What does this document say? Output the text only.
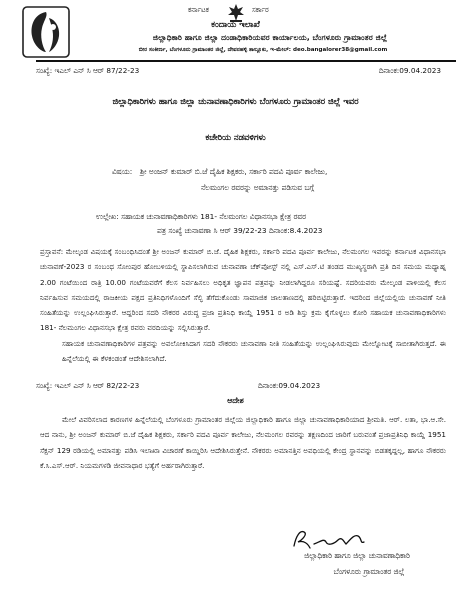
ಕರ್ನಾಟಕ	ಸರ್ಕಾರ
ಕಂದಾಯ ಇಲಾಖೆ
ಜಿಲ್ಲಾಧಿಕಾರಿ ಹಾಗೂ ಜಿಲ್ಲಾ ದಂಡಾಧಿಕಾರಿಯವರ ಕಾರ್ಯಾಲಯ, ಬೆಂಗಳೂರು ಗ್ರಾಮಾಂತರ ಜಿಲ್ಲೆ
ಬೀರ ಸಂಕೀರ್ಣ, ಬೆಂಗಳೂರು ಗ್ರಾಮಾಂತರ ಜಿಲ್ಲೆ, ದೇವನಹಳ್ಳಿ ತಾಲ್ಲೂಕು, ಇ-ಮೇಲ್: deo.bangalorer38@gmail.com
ಸಂಖ್ಯೆ: ಇಎಲ್ ಎನ್ ಸಿ ಆರ್ 87/22-23	ದಿನಾಂಕ:09.04.2023
ಜಿಲ್ಲಾಧಿಕಾರಿಗಳು ಹಾಗೂ ಜಿಲ್ಲಾ ಚುನಾವಣಾಧಿಕಾರಿಗಳು ಬೆಂಗಳೂರು ಗ್ರಾಮಾಂತರ ಜಿಲ್ಲೆ ಇವರ
ಕಚೇರಿಯ ನಡವಳಿಗಳು
ವಿಷಯ: ಶ್ರೀ ಅಂಜನ್ ಕುಮಾರ್ ಬಿ.ಜೆ ದೈಹಿಕ ಶಿಕ್ಷಕರು, ಸರ್ಕಾರಿ ಪದವಿ ಪೂರ್ವ ಕಾಲೇಜು,
ನೆಲಮಂಗಲ ರವರನ್ನು ಅಮಾನತ್ತು ಪಡಿಸುವ ಬಗ್ಗೆ
ಉಲ್ಲೇಖ: ಸಹಾಯಕ ಚುನಾವಣಾಧಿಕಾರಿಗಳು 181- ನೆಲಮಂಗಲ ವಿಧಾನಸಭಾ ಕ್ಷೇತ್ರ ರವರ
ಪತ್ರ ಸಂಖ್ಯೆ ಚುನಾವಣಾ ಸಿ ಆರ್ 39/22-23 ದಿನಾಂಕ:8.4.2023
ಪ್ರಸ್ತಾವನೆ: ಮೇಲ್ಕಂಡ ವಿಷಯಕ್ಕೆ ಸಂಬಂಧಿಸಿದಂತೆ ಶ್ರೀ ಅಂಜನ್ ಕುಮಾರ್ ಬಿ.ಜೆ. ದೈಹಿಕ ಶಿಕ್ಷಕರು, ಸರ್ಕಾರಿ ಪದವಿ ಪೂರ್ವ ಕಾಲೇಜು, ನೆಲಮಂಗಲ ಇವರನ್ನು ಕರ್ನಾಟಕ ವಿಧಾನಸಭಾ ಚುನಾವಣೆ-2023 ರ ಸಂಬಂಧ ಸೋಂಪುರ ಹೋಬಳಿಯಲ್ಲಿ ಸ್ಥಾಪಿಸಲಾಗಿರುವ ಚುನಾವಣಾ ಚೆಕ್‌ಪೋಸ್ಟ್ ನಲ್ಲಿ ಎಸ್.ಎಸ್.ಟಿ ತಂಡದ ಮುಖ್ಯಸ್ಥರಾಗಿ ಪ್ರತಿ ದಿನ ಸಮಯ ಮಧ್ಯಾಹ್ನ 2.00 ಗಂಟೆಯಿಂದ ರಾತ್ರಿ 10.00 ಗಂಟೆಯವರೆಗೆ ಕೆಲಸ ನಿರ್ವಹಿಸಲು ಅಧಿಕೃತ ಜ್ಞಾಪನ ಪತ್ರವನ್ನು ನೀಡಲಾಗಿದ್ದರೂ ಸರಿಯಷ್ಟೆ. ಸದರಿಯವರು ಮೇಲ್ಕಂಡ ಪಾಳಿಯಲ್ಲಿ ಕೆಲಸ ನಿರ್ವಹಿಸುವ ಸಮಯದಲ್ಲಿ ರಾಜಕೀಯ ಪಕ್ಷದ ಪ್ರತಿನಿಧಿಗಳೊಂದಿಗೆ ಸೆಲ್ಫಿ ತೆಗೆದುಕೊಂಡು ಸಾಮಾಜಿಕ ಜಾಲತಾಣದಲ್ಲಿ ಹರಿಬಿಟ್ಟಿರುತ್ತಾರೆ. ಇದರಿಂದ ಜಿಲ್ಲೆಯಲ್ಲಿಯ ಚುನಾವಣೆ ನೀತಿ ಸಂಹಿತೆಯನ್ನು ಉಲ್ಲಂಘಿಸಿರುತ್ತಾರೆ. ಆದ್ದರಿಂದ ಸದರಿ ನೌಕರರ ವಿರುದ್ಧ ಪ್ರಜಾ ಪ್ರತಿನಿಧಿ ಕಾಯ್ದೆ 1951 ರ ಅಡಿ ಶಿಸ್ತು ಕ್ರಮ ಕೈಗೊಳ್ಳಲು ಕೋರಿ ಸಹಾಯಕ ಚುನಾವಣಾಧಿಕಾರಿಗಳು 181- ನೆಲಮಂಗಲ ವಿಧಾನಸಭಾ ಕ್ಷೇತ್ರ ರವರು ವರದಿಯನ್ನು ಸಲ್ಲಿಸಿರುತ್ತಾರೆ.
ಸಹಾಯಕ ಚುನಾವಣಾಧಿಕಾರಿಗಳ ಪತ್ರವನ್ನು ಅವಲೋಕಿಸಿದಾಗ ಸದರಿ ನೌಕರರು ಚುನಾವಣಾ ನೀತಿ ಸಂಹಿತೆಯನ್ನು ಉಲ್ಲಂಘಿಸಿರುವುದು ಮೇಲ್ನೋಟಕ್ಕೆ ಸಾಬೀತಾಗಿರುತ್ತದೆ. ಈ ಹಿನ್ನೆಲೆಯಲ್ಲಿ ಈ ಕೆಳಕಂಡಂತೆ ಆದೇಶಿಸಲಾಗಿದೆ.
ಸಂಖ್ಯೆ: ಇಎಲ್ ಎನ್ ಸಿ ಆರ್ 82/22-23	ದಿನಾಂಕ:09.04.2023
ಆದೇಶ
ಮೇಲೆ ವಿವರಿಸಲಾದ ಕಾರಣಗಳ ಹಿನ್ನೆಲೆಯಲ್ಲಿ ಬೆಂಗಳೂರು ಗ್ರಾಮಾಂತರ ಜಿಲ್ಲೆಯ ಜಿಲ್ಲಾಧಿಕಾರಿ ಹಾಗೂ ಜಿಲ್ಲಾ ಚುನಾವಣಾಧಿಕಾರಿಯಾದ ಶ್ರೀಮತಿ. ಆರ್. ಲತಾ, ಭಾ.ಆ.ಸೇ. ಆದ ನಾನು, ಶ್ರೀ ಅಂಜನ್ ಕುಮಾರ್ ಬಿ.ಜೆ ದೈಹಿಕ ಶಿಕ್ಷಕರು, ಸರ್ಕಾರಿ ಪದವಿ ಪೂರ್ವ ಕಾಲೇಜು, ನೆಲಮಂಗಲ ರವರನ್ನು ತಕ್ಷಣದಿಂದ ಜಾರಿಗೆ ಬರುವಂತೆ ಪ್ರಜಾಪ್ರತಿನಿಧಿ ಕಾಯ್ದೆ 1951 ಸೆಕ್ಷನ್ 129 ರಡಿಯಲ್ಲಿ ಅಮಾನತ್ತು ಪಡಿಸಿ ಇಲಾಖಾ ವಿಚಾರಣೆ ಕಾಯ್ದಿರಿಸಿ ಆದೇಶಿಸಿರುತ್ತೇನೆ. ನೌಕರರು ಅಮಾನತ್ತಿನ ಅವಧಿಯಲ್ಲಿ ಕೇಂದ್ರ ಸ್ಥಾನವನ್ನು ಬಿಡತಕ್ಕದ್ದಲ್ಲ, ಹಾಗೂ ನೌಕರರು ಕೆ.ಸಿ.ಎಸ್.ಆರ್. ನಿಯಮಗಳಡಿ ಜೀವನಾಧಾರ ಭತ್ಯೆಗೆ ಅರ್ಹರಾಗಿರುತ್ತಾರೆ.
ಜಿಲ್ಲಾಧಿಕಾರಿ ಹಾಗೂ ಜಿಲ್ಲಾ ಚುನಾವಣಾಧಿಕಾರಿ
ಬೆಂಗಳೂರು ಗ್ರಾಮಾಂತರ ಜಿಲ್ಲೆ
